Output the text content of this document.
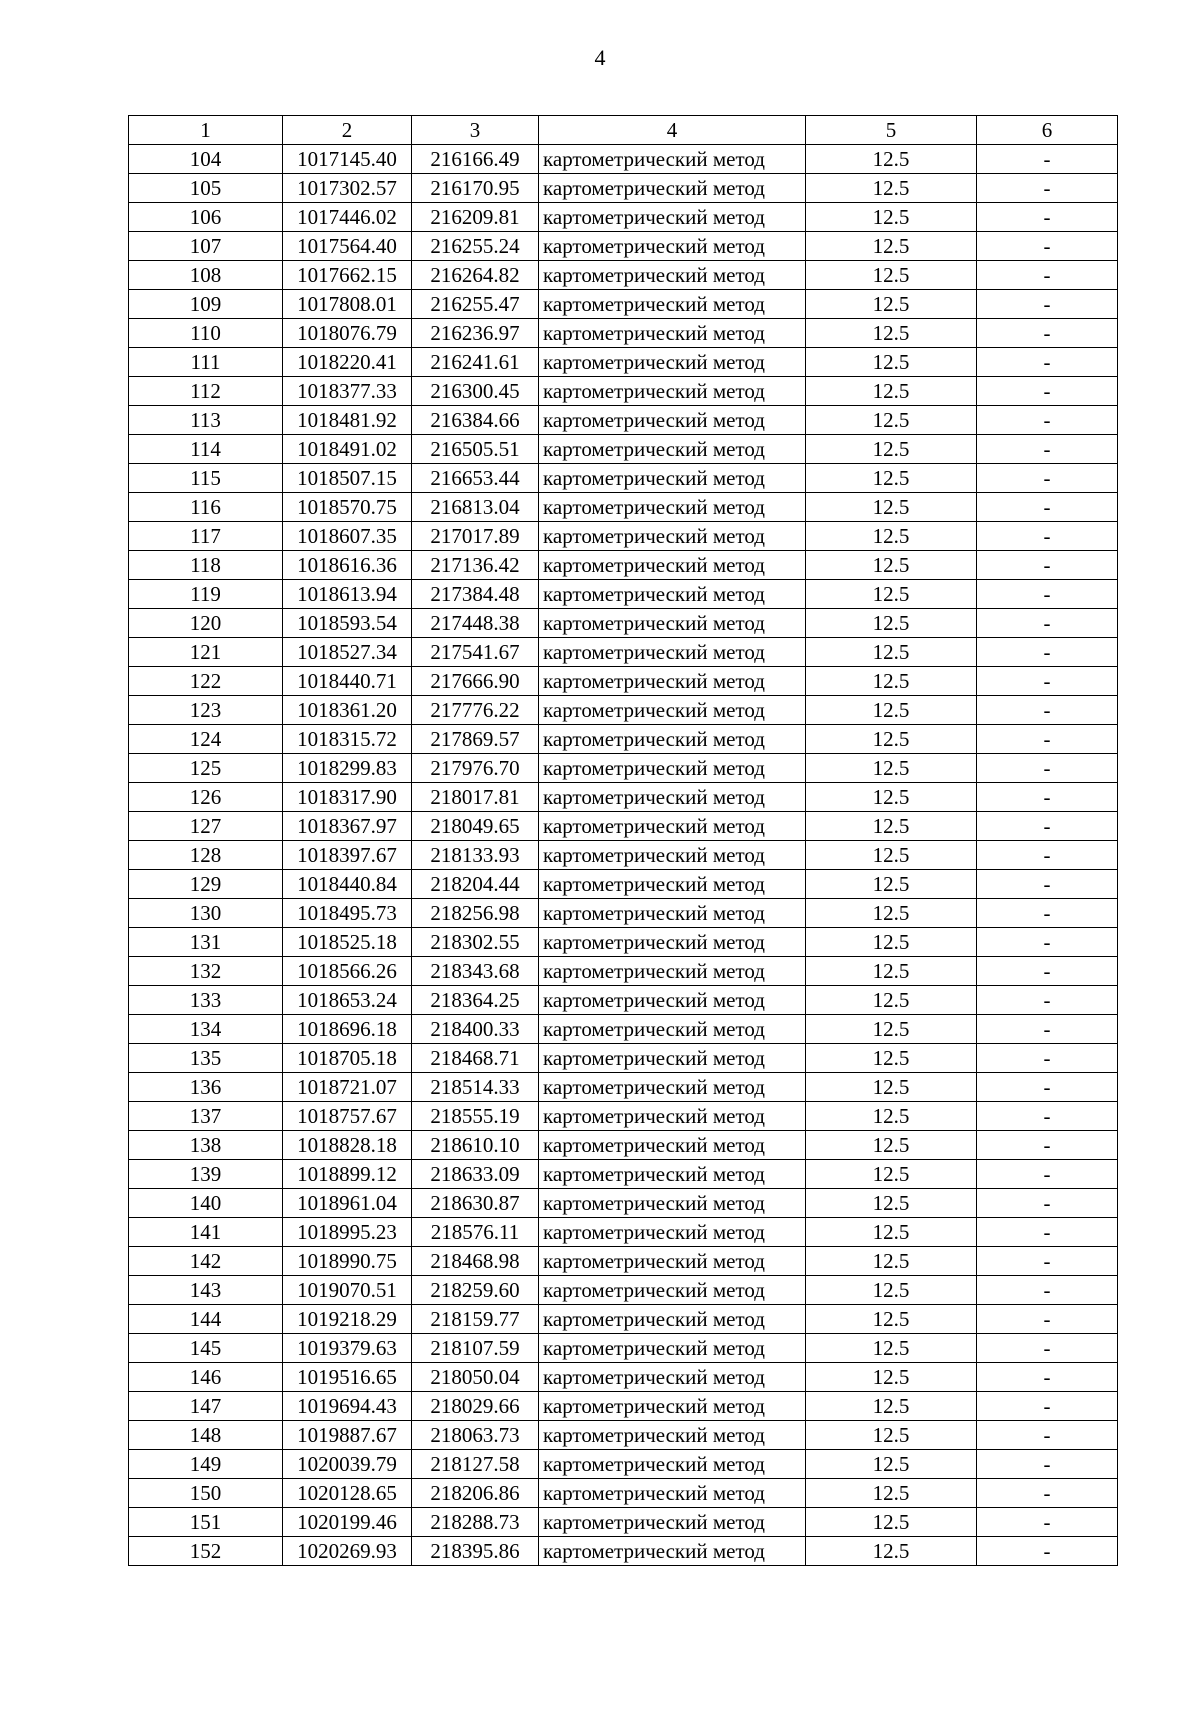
4
1	2	3	4	5	6
104	1017145.40	216166.49	картометрический метод	12.5	-
105	1017302.57	216170.95	картометрический метод	12.5	-
106	1017446.02	216209.81	картометрический метод	12.5	-
107	1017564.40	216255.24	картометрический метод	12.5	-
108	1017662.15	216264.82	картометрический метод	12.5	-
109	1017808.01	216255.47	картометрический метод	12.5	-
110	1018076.79	216236.97	картометрический метод	12.5	-
111	1018220.41	216241.61	картометрический метод	12.5	-
112	1018377.33	216300.45	картометрический метод	12.5	-
113	1018481.92	216384.66	картометрический метод	12.5	-
114	1018491.02	216505.51	картометрический метод	12.5	-
115	1018507.15	216653.44	картометрический метод	12.5	-
116	1018570.75	216813.04	картометрический метод	12.5	-
117	1018607.35	217017.89	картометрический метод	12.5	-
118	1018616.36	217136.42	картометрический метод	12.5	-
119	1018613.94	217384.48	картометрический метод	12.5	-
120	1018593.54	217448.38	картометрический метод	12.5	-
121	1018527.34	217541.67	картометрический метод	12.5	-
122	1018440.71	217666.90	картометрический метод	12.5	-
123	1018361.20	217776.22	картометрический метод	12.5	-
124	1018315.72	217869.57	картометрический метод	12.5	-
125	1018299.83	217976.70	картометрический метод	12.5	-
126	1018317.90	218017.81	картометрический метод	12.5	-
127	1018367.97	218049.65	картометрический метод	12.5	-
128	1018397.67	218133.93	картометрический метод	12.5	-
129	1018440.84	218204.44	картометрический метод	12.5	-
130	1018495.73	218256.98	картометрический метод	12.5	-
131	1018525.18	218302.55	картометрический метод	12.5	-
132	1018566.26	218343.68	картометрический метод	12.5	-
133	1018653.24	218364.25	картометрический метод	12.5	-
134	1018696.18	218400.33	картометрический метод	12.5	-
135	1018705.18	218468.71	картометрический метод	12.5	-
136	1018721.07	218514.33	картометрический метод	12.5	-
137	1018757.67	218555.19	картометрический метод	12.5	-
138	1018828.18	218610.10	картометрический метод	12.5	-
139	1018899.12	218633.09	картометрический метод	12.5	-
140	1018961.04	218630.87	картометрический метод	12.5	-
141	1018995.23	218576.11	картометрический метод	12.5	-
142	1018990.75	218468.98	картометрический метод	12.5	-
143	1019070.51	218259.60	картометрический метод	12.5	-
144	1019218.29	218159.77	картометрический метод	12.5	-
145	1019379.63	218107.59	картометрический метод	12.5	-
146	1019516.65	218050.04	картометрический метод	12.5	-
147	1019694.43	218029.66	картометрический метод	12.5	-
148	1019887.67	218063.73	картометрический метод	12.5	-
149	1020039.79	218127.58	картометрический метод	12.5	-
150	1020128.65	218206.86	картометрический метод	12.5	-
151	1020199.46	218288.73	картометрический метод	12.5	-
152	1020269.93	218395.86	картометрический метод	12.5	-
